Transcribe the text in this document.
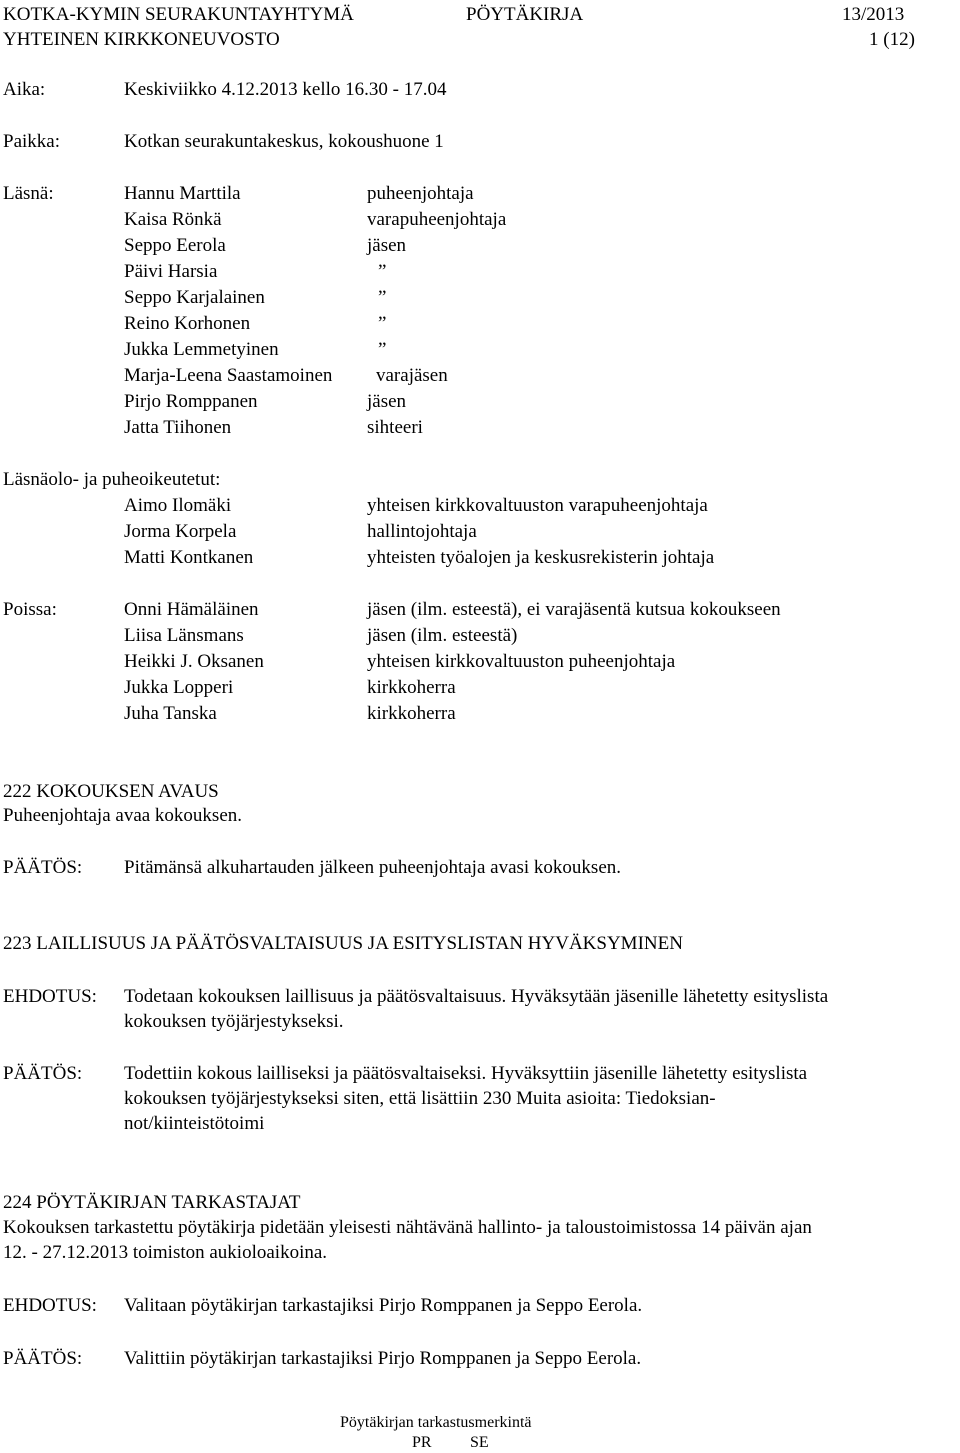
KOTKA-KYMIN SEURAKUNTAYHTYMÄ
YHTEINEN KIRKKONEUVOSTO
PÖYTÄKIRJA	13/2013
1 (12)
Aika:	Keskiviikko 4.12.2013 kello 16.30 - 17.04
Paikka:	Kotkan seurakuntakeskus, kokoushuone 1
Läsnä:	Hannu Marttila	puheenjohtaja
Kaisa Rönkä	varapuheenjohtaja
Seppo Eerola	jäsen
Päivi Harsia	”
Seppo Karjalainen	”
Reino Korhonen	”
Jukka Lemmetyinen	”
Marja-Leena Saastamoinen varajäsen
Pirjo Romppanen	jäsen
Jatta Tiihonen	sihteeri
Läsnäolo- ja puheoikeutetut:
Aimo Ilomäki	yhteisen kirkkovaltuuston varapuheenjohtaja
Jorma Korpela	hallintojohtaja
Matti Kontkanen	yhteisten työalojen ja keskusrekisterin johtaja
Poissa:	Onni Hämäläinen	jäsen (ilm. esteestä), ei varajäsentä kutsua kokoukseen
Liisa Länsmans	jäsen (ilm. esteestä)
Heikki J. Oksanen	yhteisen kirkkovaltuuston puheenjohtaja
Jukka Lopperi	kirkkoherra
Juha Tanska	kirkkoherra
222 KOKOUKSEN AVAUS
Puheenjohtaja avaa kokouksen.
PÄÄTÖS: Pitämänsä alkuhartauden jälkeen puheenjohtaja avasi kokouksen.
223 LAILLISUUS JA PÄÄTÖSVALTAISUUS JA ESITYSLISTAN HYVÄKSYMINEN
EHDOTUS: Todetaan kokouksen laillisuus ja päätösvaltaisuus. Hyväksytään jäsenille lähetetty esityslista
kokouksen työjärjestykseksi.
PÄÄTÖS: Todettiin kokous lailliseksi ja päätösvaltaiseksi. Hyväksyttiin jäsenille lähetetty esityslista
kokouksen työjärjestykseksi siten, että lisättiin 230 Muita asioita: Tiedoksian-
not/kiinteistötoimi
224 PÖYTÄKIRJAN TARKASTAJAT
Kokouksen tarkastettu pöytäkirja pidetään yleisesti nähtävänä hallinto- ja taloustoimistossa 14 päivän ajan
12. - 27.12.2013 toimiston aukioloaikoina.
EHDOTUS: Valitaan pöytäkirjan tarkastajiksi Pirjo Romppanen ja Seppo Eerola.
PÄÄTÖS: Valittiin pöytäkirjan tarkastajiksi Pirjo Romppanen ja Seppo Eerola.
Pöytäkirjan tarkastusmerkintä
PR SE
